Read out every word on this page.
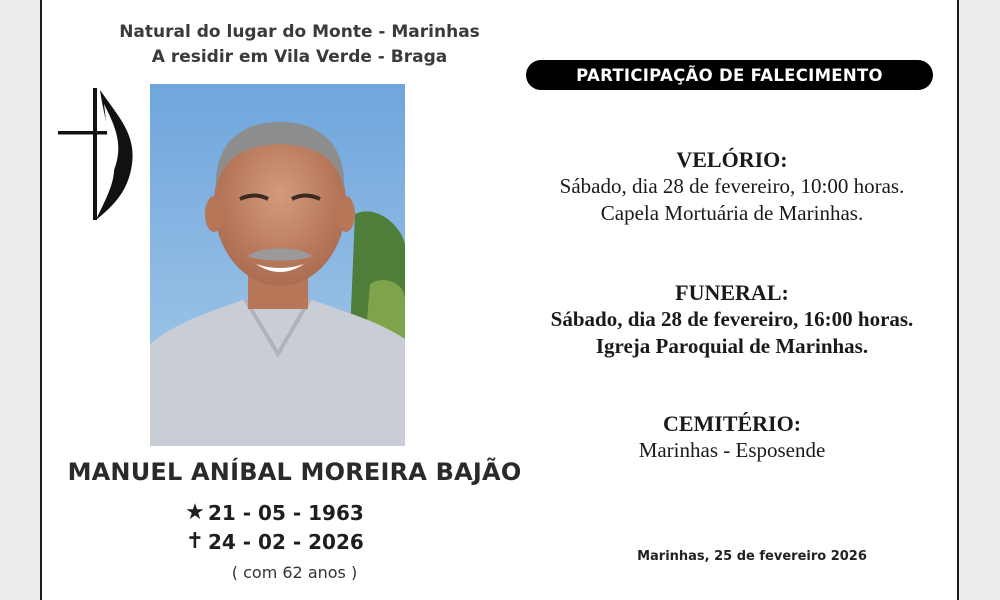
Natural do lugar do Monte - Marinhas
A residir em Vila Verde - Braga
MANUEL ANÍBAL MOREIRA BAJÃO
★ 21 - 05 - 1963
✝ 24 - 02 - 2026
( com 62 anos )
PARTICIPAÇÃO DE FALECIMENTO
VELÓRIO:
Sábado, dia 28 de fevereiro, 10:00 horas.
Capela Mortuária de Marinhas.
FUNERAL:
Sábado, dia 28 de fevereiro, 16:00 horas.
Igreja Paroquial de Marinhas.
CEMITÉRIO:
Marinhas - Esposende
Marinhas, 25 de fevereiro 2026
